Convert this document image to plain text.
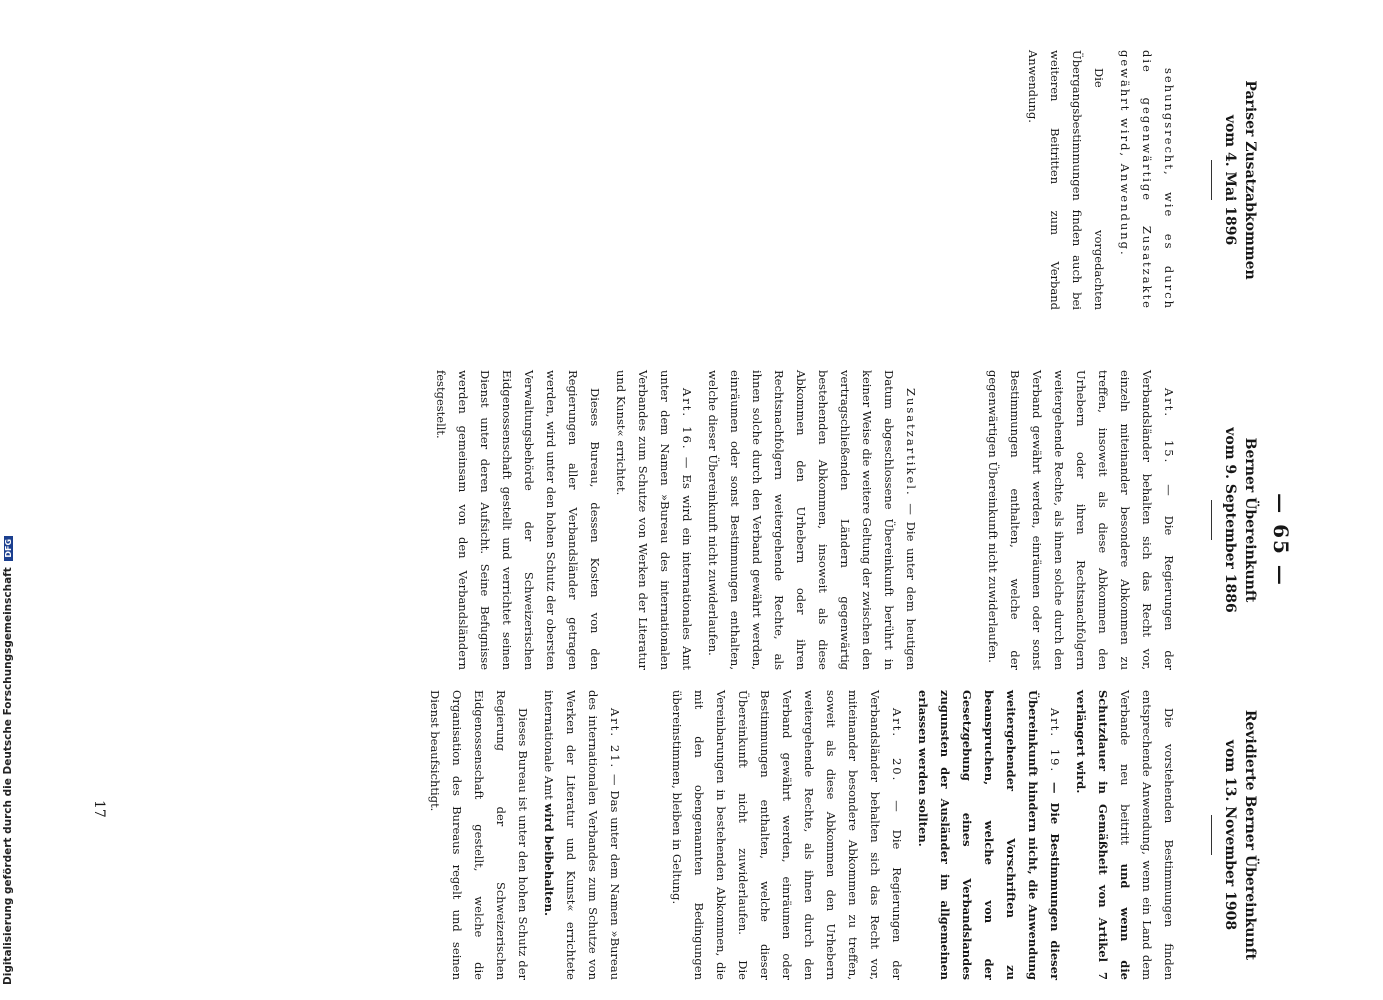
— 65 —
Pariser Zusatzabkommen
vom 4. Mai 1896

sehungsrecht, wie es durch die gegenwärtige Zusatzakte gewährt wird, Anwendung.

Die vorgedachten Übergangsbestimmungen finden auch bei weiteren Beitritten zum Verband Anwendung.

Berner Übereinkunft
vom 9. September 1886

Art. 15. — Die Regierungen der Verbandsländer behalten sich das Recht vor, einzeln miteinander besondere Abkommen zu treffen, insoweit als diese Abkommen den Urhebern oder ihren Rechtsnachfolgern weitergehende Rechte, als ihnen solche durch den Verband gewährt werden, einräumen oder sonst Bestimmungen enthalten, welche der gegenwärtigen Übereinkunft nicht zuwiderlaufen.

Zusatzartikel. — Die unter dem heutigen Datum abgeschlossene Übereinkunft berührt in keiner Weise die weitere Geltung der zwischen den vertragschließenden Ländern gegenwärtig bestehenden Abkommen, insoweit als diese Abkommen den Urhebern oder ihren Rechtsnachfolgern weitergehende Rechte, als ihnen solche durch den Verband gewährt werden, einräumen oder sonst Bestimmungen enthalten, welche dieser Übereinkunft nicht zuwiderlaufen.

Art. 16. — Es wird ein internationales Amt unter dem Namen »Bureau des internationalen Verbandes zum Schutze von Werken der Literatur und Kunst« errichtet.

Dieses Bureau, dessen Kosten von den Regierungen aller Verbandsländer getragen werden, wird unter den hohen Schutz der obersten Verwaltungsbehörde der Schweizerischen Eidgenossenschaft gestellt und verrichtet seinen Dienst unter deren Aufsicht. Seine Befugnisse werden gemeinsam von den Verbandsländern festgestellt.

Revidierte Berner Übereinkunft
vom 13. November 1908

Die vorstehenden Bestimmungen finden entsprechende Anwendung, wenn ein Land dem Verbande neu beitritt und wenn die Schutzdauer in Gemäßheit von Artikel 7 verlängert wird.

Art. 19. — Die Bestimmungen dieser Übereinkunft hindern nicht, die Anwendung weitergehender Vorschriften zu beanspruchen, welche von der Gesetzgebung eines Verbandslandes zugunsten der Ausländer im allgemeinen erlassen werden sollten.

Art. 20. — Die Regierungen der Verbandsländer behalten sich das Recht vor, miteinander besondere Abkommen zu treffen, soweit als diese Abkommen den Urhebern weitergehende Rechte, als ihnen durch den Verband gewährt werden, einräumen oder Bestimmungen enthalten, welche dieser Übereinkunft nicht zuwiderlaufen. Die Vereinbarungen in bestehenden Abkommen, die mit den obengenannten Bedingungen übereinstimmen, bleiben in Geltung.

Art. 21. — Das unter dem Namen »Bureau des internationalen Verbandes zum Schutze von Werken der Literatur und Kunst« errichtete internationale Amt wird beibehalten.

Dieses Bureau ist unter den hohen Schutz der Regierung der Schweizerischen Eidgenossenschaft gestellt, welche die Organisation des Bureaus regelt und seinen Dienst beaufsichtigt.

17
Digitalisierung gefördert durch die Deutsche Forschungsgemeinschaft DFG
